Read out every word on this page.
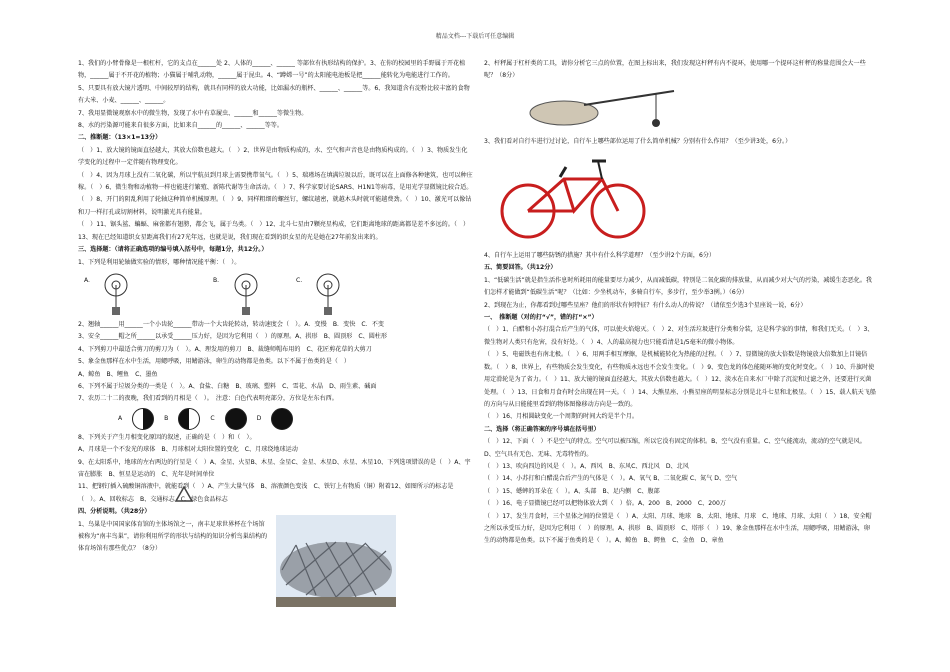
精品文档---下载后可任意编辑

1、我们的小臂骨像是一根杠杆，它的支点在______处 2、人体的______、______ 等部位有执形结构的保护。3、在你的校园里的手野属于开花植物，______属于不开花的植物；小猫属于哺乳动物，______属于昆虫。4、“蹲嫦一号”的太阳能电池板是把______能转化为电能进行工作的。

5、只要具有放大镜片透明、中间较厚的结构，就具有同样的放大功能，比如漏水的瓶杯、______、______等。6、我知道含有淀粉比较丰富的食物有大米、小麦、______、______。

7、我用显微镜观察水中的微生物，发现了水中有草履虫、______和______等微生物。

8、水的污染源可能来自很多方面，比如来自______的______、______等等。

二、推断题：（13×1=13分）

（　）1、放大镜的镜面直径越大，其放大倍数也越大。（　）2、世界是由物质构成的，水、空气和声音也是由物质构成的。（　）3、物质发生化学变化的过程中一定伴随有物理变化。

（　）4、因为月球上没有二氧化碳，所以宇航员到月球上需要携带氧气。（　）5、瑞瑾场在填满垃圾以后，既可以在上面修各种建筑，也可以种庄稼。（　）6、微生物和动植物一样也能进行繁殖、新陈代谢等生命活动。（　）7、科学家要讨论SARS、H1N1等病毒，是用光学显微镜比较合适。

（　）8、开门的阴乱利用了轮轴这种简单机械原理。（　）9、同样粗细的螺丝钉，螺纹越密，就越木头时就可能越费劲。（　）10、激光可以像钻和刀一样打孔或切割材料，说明激光具有能量。

（　）11、锯头鲨、蝙蝠、麻雀都有翅膀，都会飞，属于鸟类。（　）12、北斗七星由7颗亮星构成，它们距离地球的距离都是差不多远的。（　）13、现在已经知道织女星距离我们有27光年远，也就是说，我们现在看到的织女星的光是她在27年前发出来的。

三、选择题：（请将正确选项的编号填入括号中，每题1分，共12分。）

1、下列是利用轮轴做实验的情形，哪种情况能平衡：（　）。

A.	B.	C.

2、翘轴______用______一个小齿轮______带动一个大齿轮转动，转动速度会（　）。A．变慢　B．变快　C．不变

3、安全______帽之所______以承受______压力好，是因为它利用（　）的原理。A、拱形　B、圆顶形　C、圆柱形

4、下列剪刀中最适合剪刀的剪刀为（　）。A、理发用的剪刀　B、裁缝师帽布用的　C、花匠剪花草的大剪刀

5、象金鱼那样在水中生活，用鳃呼吸，用鳍游泳，卵生的动物都是鱼类。以下不属于鱼类的是（　）

A、鲸鱼　B、鲤鱼　C、墨鱼

6、下列不属于垃圾分类的一类是（　）。A、食盐、白糖　B、玻璃、塑料　C、雪花、水晶　D、雨生素、碱面

7、农历二十二的夜晚，我们看到的月相是（　）。　注意：白色代表明亮部分，方位是左东右西。

A	B	C	D

8、下列关于产生月相变化原因的叙述，正确的是（　）和（　）。

A、月球是一个不发光的球体　B、月球相对太阳位置的变化　C、月球绕地球运动

9、在太阳系中，地球的左右两边的行星是（　）A、金星、火星B、木星、金星C、金星、木星D、水星、木星10、下列选项错误的是（　）A、宇宙在膨胀　B、恒星是运动的　C、光年是时间单位

11、把钢钉插入硫酸铜溶液中，就能看到（　）A、产生大量气体　B、溶液颜色变浅　C、铁钉上有物质（铜）附着12、如图所示的标志是（　）。A、回收标志　B、交通标志　C、绿色食品标志

四、分析说明。（共28分）

1、鸟巢是中国国家体育馆的主体场馆之一，南丰足球世界杯在个场馆被称为“南丰鸟巢”，请你利用所学的形状与结构的知识分析鸟巢结构的体育场馆有那些优点？（8分）

2、杆秤属于杠杆类的工具，请你分析它三点的位置，在图上标出来，我们发现这杆秤有内不提环，使用哪一个提环这杆秤的称量范围会大一些呢？（8分）

3、我们看对自行车进行过讨论，自行车上哪些部位运用了什么简单机械？分别有什么作用？（至少讲3处，6分。）

4、自行车上运用了哪些防锈的措施？其中有什么科学道理？（至少讲2个方面，6分）

五、简要回答。（共12分）

1、“低碳生活”就是指生活作息时所耗用的能量要尽力减少，从而减低碳，特别是二氧化碳的排放量，从而减少对大气的污染，减缓生态恶化。我们怎样才能做到“低碳生活”呢？（比如：少坐机动车，多骑自行车，多步行，至少举3例。）（6分）

2、到现在为止，你都看到过哪些星座？他们的形状有何特征？有什么动人的传说？（请依至少选3个星座说一说，6分）

一、　推断题（对的打“√”，错的打“×”）

（　）1、白醋和小苏打混合后产生的气体，可以使火焰熄灭。（　）2、对生活垃圾进行分类和分装，这是科学家的事情，和我们无关。（　）3、微生物对人类只有危害，没有好处。（　）4、人的最高视力也只能看清是1/5毫米的微小物体。

（　）5、电磁铁也有南北极。（　）6、用两手相互摩擦，是机械能转化为热能的过程。（　）7、显微镜的放大倍数是物镜放大倍数加上目镜倍数。（　）8、世界上，有些物质会发生变化，有些物质永远也不会发生变化。（　）9、变色龙的体色能随环境的变化时变化。（　）10、升旗时使用定滑轮是为了省力。（　）11、放大镜的镜面直径越大，其放大倍数也越大。（　）12、淡水在自来水厂中除了沉淀和过滤之外，还要进行灭菌处理。（　）13、日食和月食有时会出现在同一天。（　）14、大熊星座、小熊星座的明显标志分别是北斗七星和北极星。（　）15、载人航天飞船的方向与从日能能里看到的物体图像移动方向是一致的。

（　）16、月相圆缺变化一个周期的时间大约是半个月。

二、选择（将正确答案的序号填在括号里）

（　）12、下面（　）不是空气的特点。空气可以被压缩，所以它没有固定的体积。B、空气没有重量。C、空气能流动，流动的空气就是风。D、空气具有无色、无味、无毒特性的。

（　）13、吹向四边的风是（　）。A、西风　B、东风C、西北风　D、北风

（　）14、小苏打和白醋混合后产生的气体是（　）。A、氧气 B、二氧化碳 C、氮气 D、空气

（　）15、蟋蟀的耳朵在（　）。A、头部　B、足内侧　C、腹部

（　）16、电子显微镜已经可以把物体放大到（　）倍。A、200　B、2000　C、200万

（　）17、发生月食时，三个星体之间的位置是（　）A、太阳、月球、地球　B、太阳、地球、月球　C、地球、月球、太阳（　）18、安全帽之所以承受压力好，是因为它利用（　）的原理。A、拱形　B、圆顶形　C、塔形（　）19、象金鱼那样在水中生活，用鳃呼吸，用鳍游泳，卵生的动物都是鱼类。以下不属于鱼类的是（　）。A、鲸鱼　B、鳄鱼　C、金鱼　D、章鱼
